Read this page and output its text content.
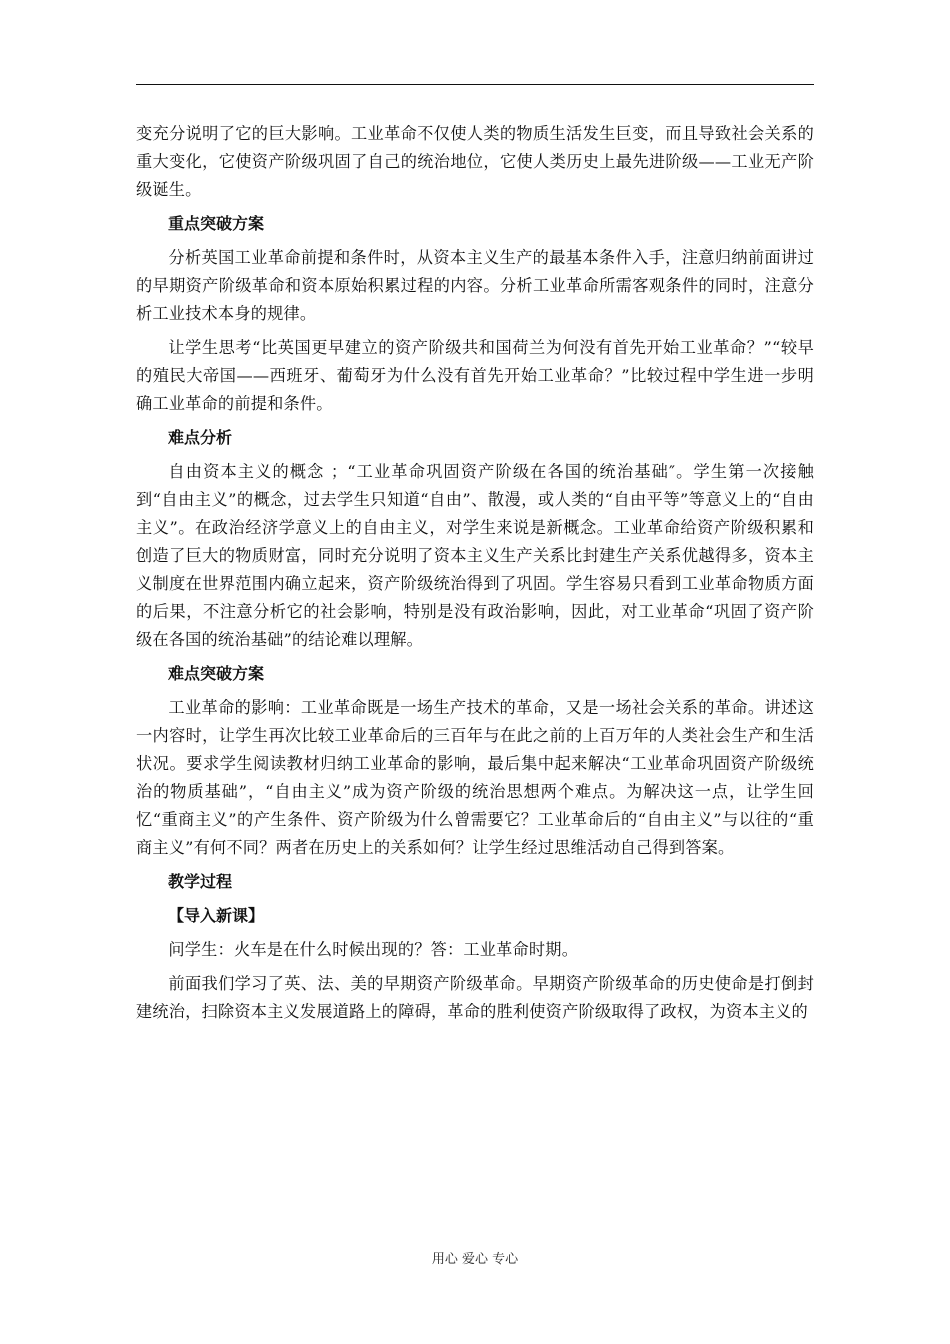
变充分说明了它的巨大影响。工业革命不仅使人类的物质生活发生巨变，而且导致社会关系的重大变化，它使资产阶级巩固了自己的统治地位，它使人类历史上最先进阶级——工业无产阶级诞生。

重点突破方案

分析英国工业革命前提和条件时，从资本主义生产的最基本条件入手，注意归纳前面讲过的早期资产阶级革命和资本原始积累过程的内容。分析工业革命所需客观条件的同时，注意分析工业技术本身的规律。

让学生思考“比英国更早建立的资产阶级共和国荷兰为何没有首先开始工业革命？”“较早的殖民大帝国——西班牙、葡萄牙为什么没有首先开始工业革命？”比较过程中学生进一步明确工业革命的前提和条件。

难点分析

自由资本主义的概念 ；“工业革命巩固资产阶级在各国的统治基础″。学生第一次接触到“自由主义”的概念，过去学生只知道“自由”、散漫，或人类的“自由平等”等意义上的“自由主义”。在政治经济学意义上的自由主义，对学生来说是新概念。工业革命给资产阶级积累和创造了巨大的物质财富，同时充分说明了资本主义生产关系比封建生产关系优越得多，资本主义制度在世界范围内确立起来，资产阶级统治得到了巩固。学生容易只看到工业革命物质方面的后果，不注意分析它的社会影响，特别是没有政治影响，因此，对工业革命“巩固了资产阶级在各国的统治基础”的结论难以理解。

难点突破方案

工业革命的影响：工业革命既是一场生产技术的革命，又是一场社会关系的革命。讲述这一内容时，让学生再次比较工业革命后的三百年与在此之前的上百万年的人类社会生产和生活状况。要求学生阅读教材归纳工业革命的影响，最后集中起来解决“工业革命巩固资产阶级统治的物质基础”，“自由主义”成为资产阶级的统治思想两个难点。为解决这一点，让学生回忆“重商主义”的产生条件、资产阶级为什么曾需要它？工业革命后的“自由主义”与以往的“重商主义”有何不同？两者在历史上的关系如何？让学生经过思维活动自己得到答案。

教学过程

【导入新课】

问学生：火车是在什么时候出现的？答：工业革命时期。

前面我们学习了英、法、美的早期资产阶级革命。早期资产阶级革命的历史使命是打倒封建统治，扫除资本主义发展道路上的障碍，革命的胜利使资产阶级取得了政权，为资本主义的

用心 爱心 专心
